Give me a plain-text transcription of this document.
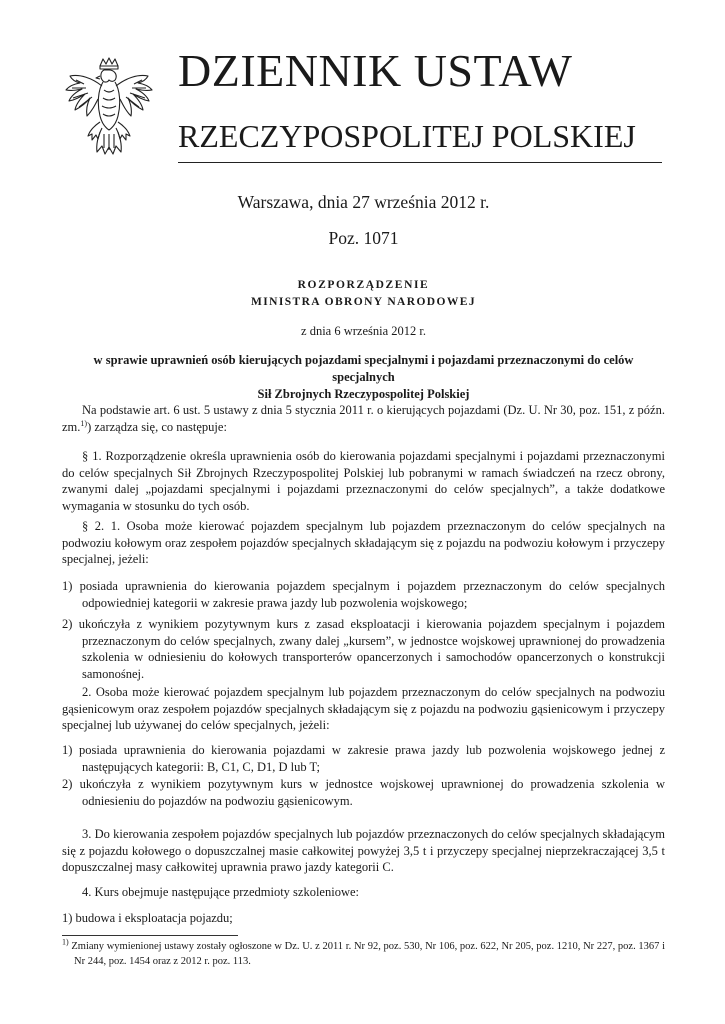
DZIENNIK USTAW
RZECZYPOSPOLITEJ POLSKIEJ
Warszawa, dnia 27 września 2012 r.
Poz. 1071
ROZPORZĄDZENIE
MINISTRA OBRONY NARODOWEJ
z dnia 6 września 2012 r.
w sprawie uprawnień osób kierujących pojazdami specjalnymi i pojazdami przeznaczonymi do celów specjalnych
Sił Zbrojnych Rzeczypospolitej Polskiej
Na podstawie art. 6 ust. 5 ustawy z dnia 5 stycznia 2011 r. o kierujących pojazdami (Dz. U. Nr 30, poz. 151, z późn. zm.$^{1)}$) zarządza się, co następuje:
§ 1. Rozporządzenie określa uprawnienia osób do kierowania pojazdami specjalnymi i pojazdami przeznaczonymi do celów specjalnych Sił Zbrojnych Rzeczypospolitej Polskiej lub pobranymi w ramach świadczeń na rzecz obrony, zwanymi dalej „pojazdami specjalnymi i pojazdami przeznaczonymi do celów specjalnych”, a także dodatkowe wymagania w stosunku do tych osób.
§ 2. 1. Osoba może kierować pojazdem specjalnym lub pojazdem przeznaczonym do celów specjalnych na podwoziu kołowym oraz zespołem pojazdów specjalnych składającym się z pojazdu na podwoziu kołowym i przyczepy specjalnej, jeżeli:
1) posiada uprawnienia do kierowania pojazdem specjalnym i pojazdem przeznaczonym do celów specjalnych odpowiedniej kategorii w zakresie prawa jazdy lub pozwolenia wojskowego;
2) ukończyła z wynikiem pozytywnym kurs z zasad eksploatacji i kierowania pojazdem specjalnym i pojazdem przeznaczonym do celów specjalnych, zwany dalej „kursem”, w jednostce wojskowej uprawnionej do prowadzenia szkolenia w odniesieniu do kołowych transporterów opancerzonych i samochodów opancerzonych o konstrukcji samonośnej.
2. Osoba może kierować pojazdem specjalnym lub pojazdem przeznaczonym do celów specjalnych na podwoziu gąsienicowym oraz zespołem pojazdów specjalnych składającym się z pojazdu na podwoziu gąsienicowym i przyczepy specjalnej lub używanej do celów specjalnych, jeżeli:
1) posiada uprawnienia do kierowania pojazdami w zakresie prawa jazdy lub pozwolenia wojskowego jednej z następujących kategorii: B, C1, C, D1, D lub T;
2) ukończyła z wynikiem pozytywnym kurs w jednostce wojskowej uprawnionej do prowadzenia szkolenia w odniesieniu do pojazdów na podwoziu gąsienicowym.
3. Do kierowania zespołem pojazdów specjalnych lub pojazdów przeznaczonych do celów specjalnych składającym się z pojazdu kołowego o dopuszczalnej masie całkowitej powyżej 3,5 t i przyczepy specjalnej nieprzekraczającej 3,5 t dopuszczalnej masy całkowitej uprawnia prawo jazdy kategorii C.
4. Kurs obejmuje następujące przedmioty szkoleniowe:
1) budowa i eksploatacja pojazdu;
$^{1)}$ Zmiany wymienionej ustawy zostały ogłoszone w Dz. U. z 2011 r. Nr 92, poz. 530, Nr 106, poz. 622, Nr 205, poz. 1210, Nr 227, poz. 1367 i Nr 244, poz. 1454 oraz z 2012 r. poz. 113.
